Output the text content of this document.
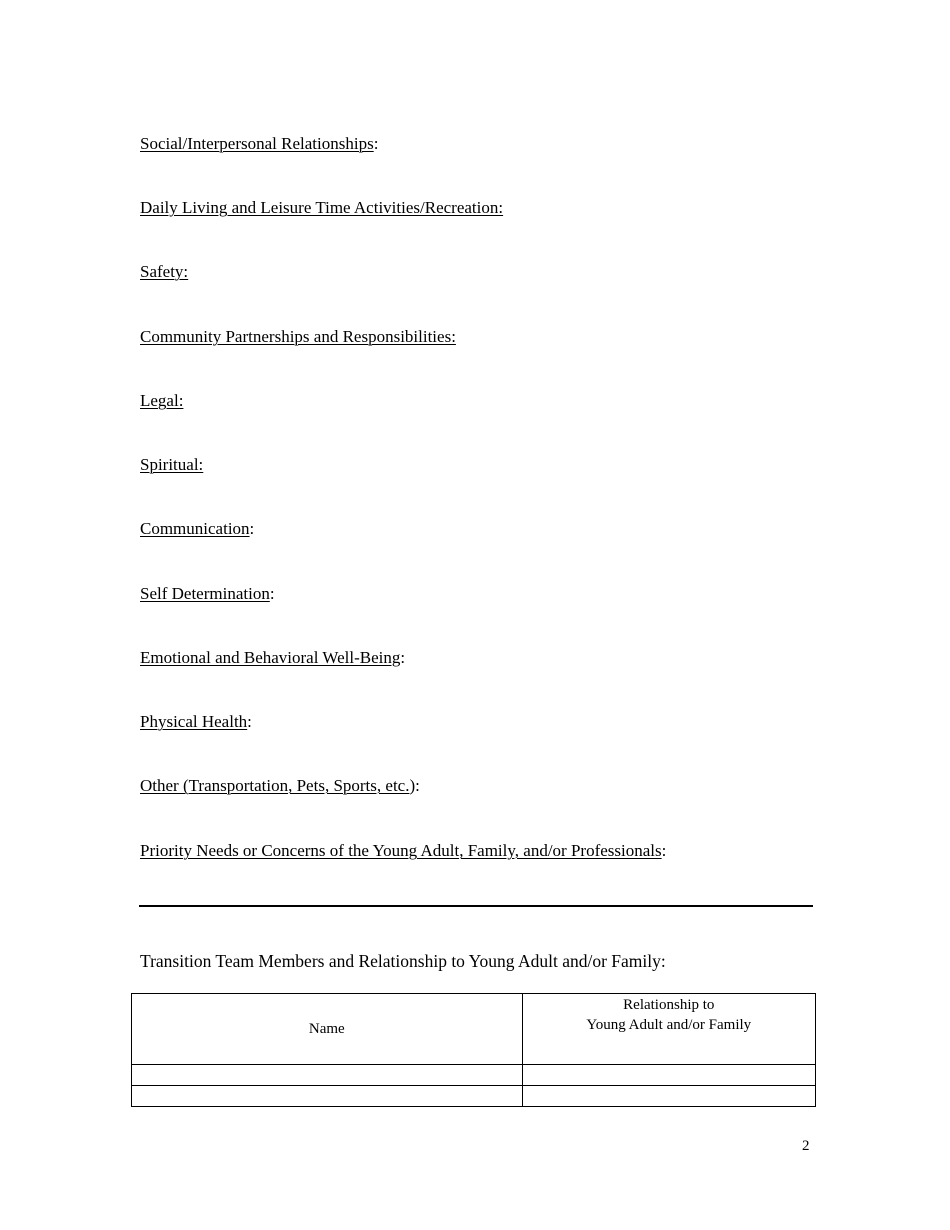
Social/Interpersonal Relationships:
Daily Living and Leisure Time Activities/Recreation:
Safety:
Community Partnerships and Responsibilities:
Legal:
Spiritual:
Communication:
Self Determination:
Emotional and Behavioral Well-Being:
Physical Health:
Other (Transportation, Pets, Sports, etc.):
Priority Needs or Concerns of the Young Adult, Family, and/or Professionals:
Transition Team Members and Relationship to Young Adult and/or Family:
Name	Relationship to
Young Adult and/or Family

2
